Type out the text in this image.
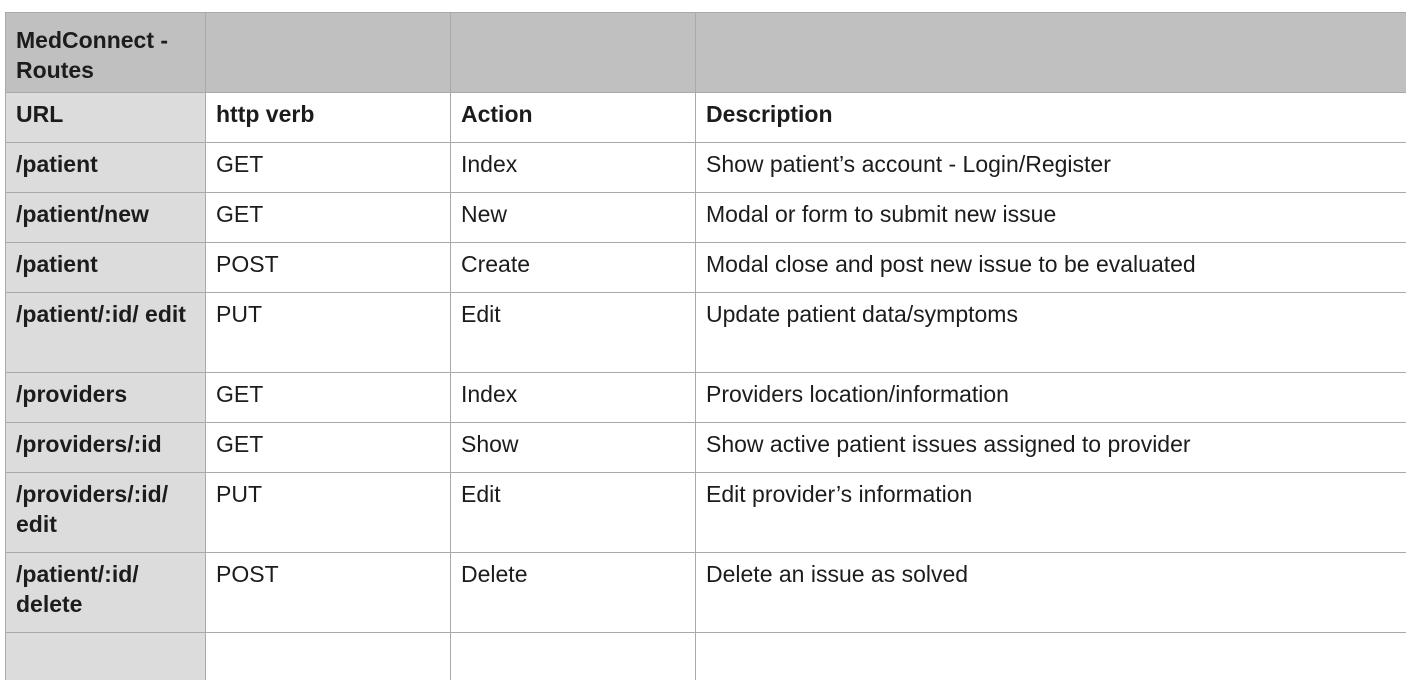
MedConnect - Routes			
URL	http verb	Action	Description
/patient	GET	Index	Show patient’s account - Login/Register
/patient/new	GET	New	Modal or form to submit new issue
/patient	POST	Create	Modal close and post new issue to be evaluated
/patient/:id/ edit	PUT	Edit	Update patient data/symptoms
/providers	GET	Index	Providers location/information
/providers/:id	GET	Show	Show active patient issues assigned to provider
/providers/:id/ edit	PUT	Edit	Edit provider’s information
/patient/:id/ delete	POST	Delete	Delete an issue as solved
